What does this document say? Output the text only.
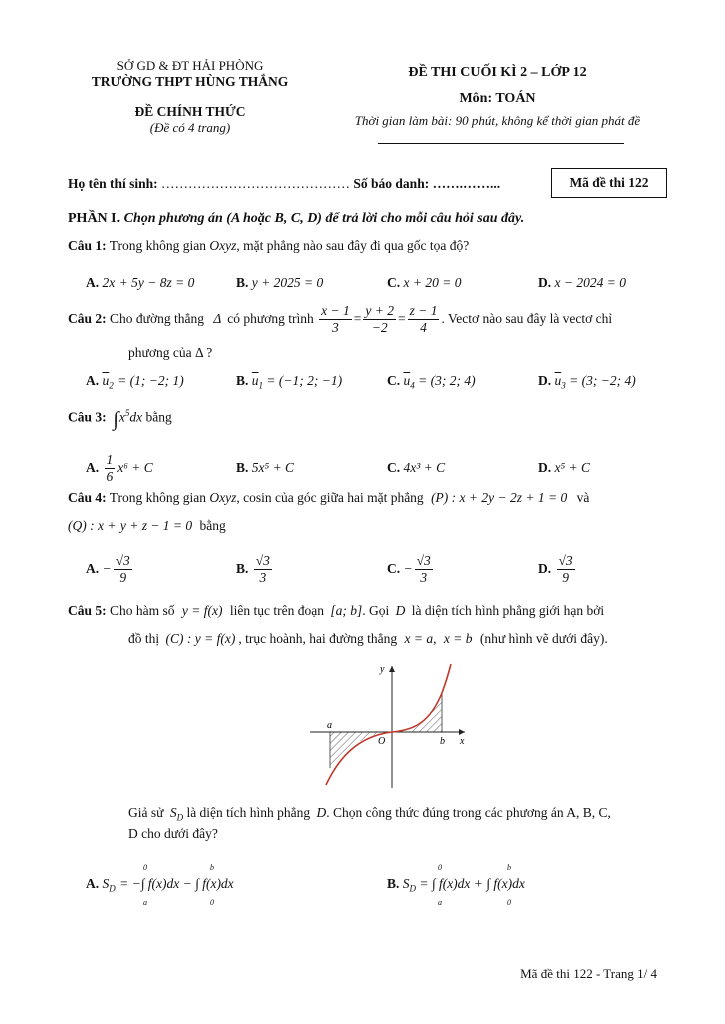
SỞ GD & ĐT HẢI PHÒNG
TRƯỜNG THPT HÙNG THẮNG
ĐỀ CHÍNH THỨC
(Đề có 4 trang)
ĐỀ THI CUỐI KÌ 2 – LỚP 12
Môn: TOÁN
Thời gian làm bài: 90 phút, không kể thời gian phát đề
Họ tên thí sinh: …………………………………… Số báo danh: …….……...	Mã đề thi 122
PHẦN I. Chọn phương án (A hoặc B, C, D) để trả lời cho mỗi câu hỏi sau đây.
Câu 1: Trong không gian Oxyz, mặt phẳng nào sau đây đi qua gốc tọa độ?
A. 2x + 5y − 8z = 0	B. y + 2025 = 0	C. x + 20 = 0	D. x − 2024 = 0
Câu 2:
Cho đường thẳng
Δ có phương trình
$\frac{x - 1}{3} = \frac{y + 2}{-2} = \frac{z - 1}{4}$ . Vectơ nào sau đây là vectơ chỉ
phương của Δ ?
A. $\overline{u}_2 = (1$; −2; 1)	B. $\overline{u}_1 = (-1$; 2; −1)	C. $\overline{u}_4 = (3$; 2; 4)	D. $\overline{u}_3 = (3$; −2; 4)
Câu 3: $\int x^5dx$ bằng
A.
$\frac{1}{6} x^6 + C$	B. 5x⁵ + C	C. 4x³ + C	D. x⁵ + C
Câu 4: Trong không gian Oxyz, cosin của góc giữa hai mặt phẳng (P) : x + 2y − 2z + 1 = 0 và
(Q) : x + y + z − 1 = 0 bằng
A.
− $\frac{√3}{9}$	B.
$\frac{√3}{3}$	C.
− $\frac{√3}{3}$	D.
$\frac{√3}{9}$
Câu 5: Cho hàm số y = f(x) liên tục trên đoạn [a; b]. Gọi D là diện tích hình phẳng giới hạn bởi
đồ thị (C) : y = f(x) , trục hoành, hai đường thẳng x = a, x = b (như hình vẽ dưới đây).
y
x
O
a
b
Giả sử $S_D$ là diện tích hình phẳng D. Chọn công thức đúng trong các phương án A, B, C,
D cho dưới đây?
A. $S_D$ = −∫ f(x)dx − ∫ f(x)dx
0
a
b
0
B. $S_D$ = ∫ f(x)dx + ∫ f(x)dx
0
a
b
0
Mã đề thi 122 - Trang 1/ 4
